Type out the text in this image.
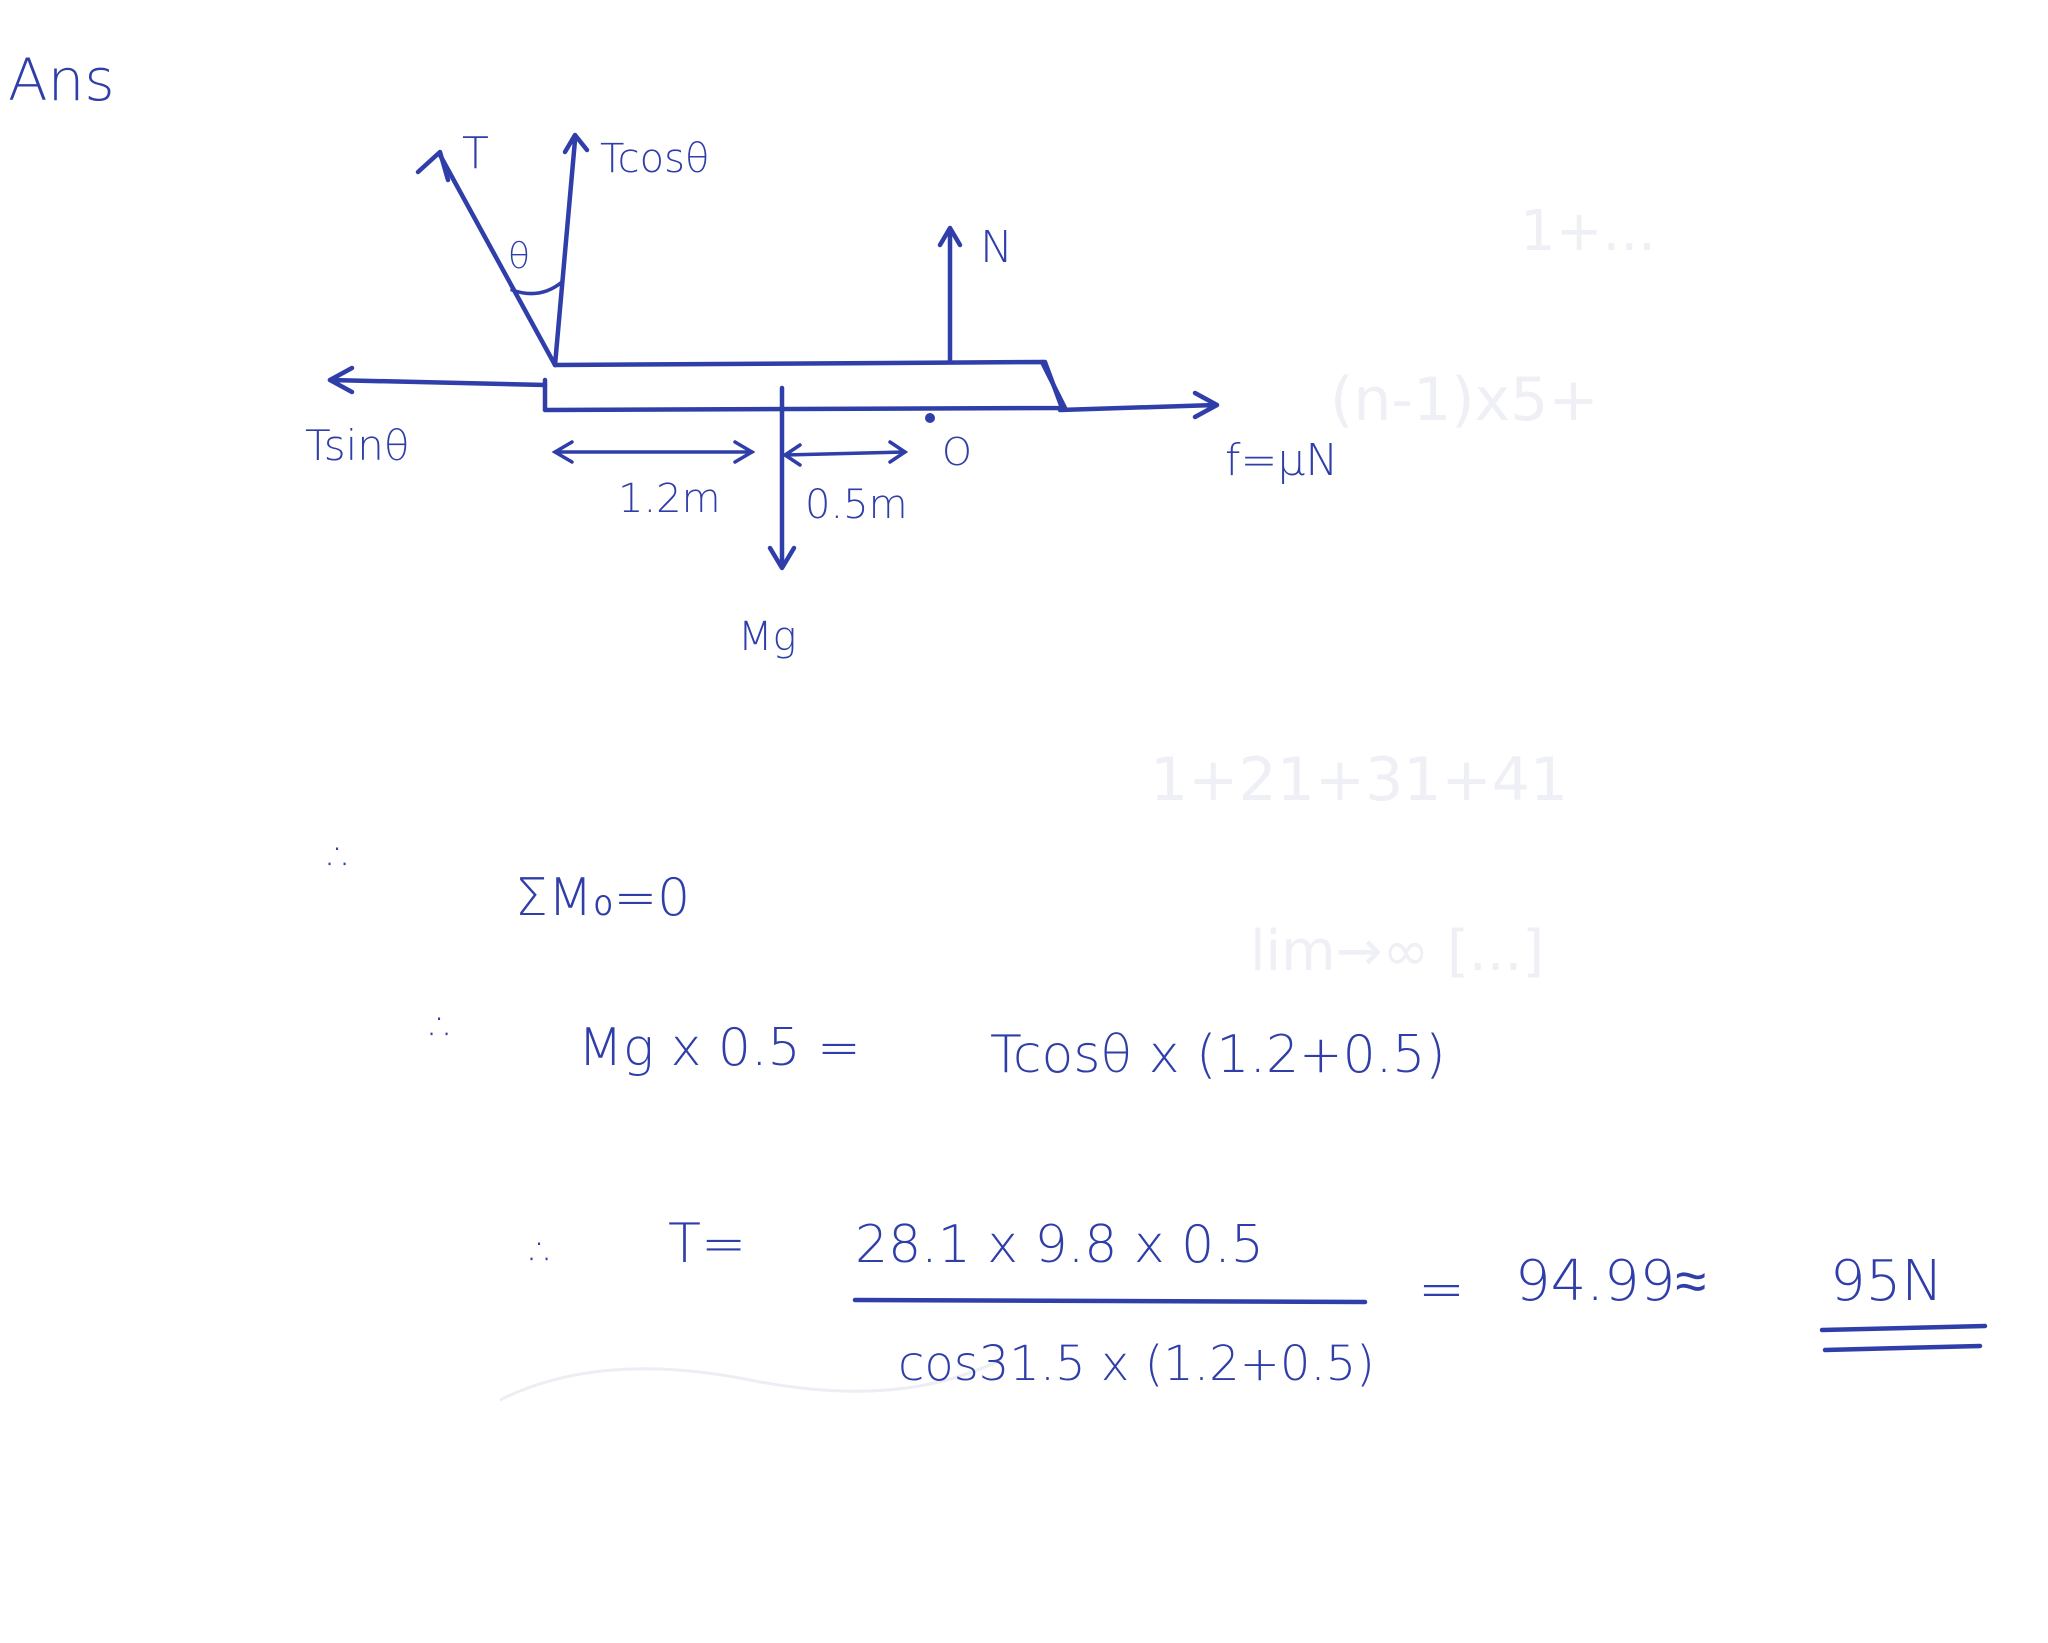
(n-1)x5+
1+21+31+41
lim→∞ [...]
1+...
Ans
T	Tcosθ
θ	N
Tsinθ	f=μN
O
Mg
1.2m 0.5m
∴
ΣM₀=0
∴ Mg x 0.5 = Tcosθ x (1.2+0.5)
∴ T= 28.1 x 9.8 x 0.5
cos31.5 x (1.2+0.5)
= 94.99≈ 95N
